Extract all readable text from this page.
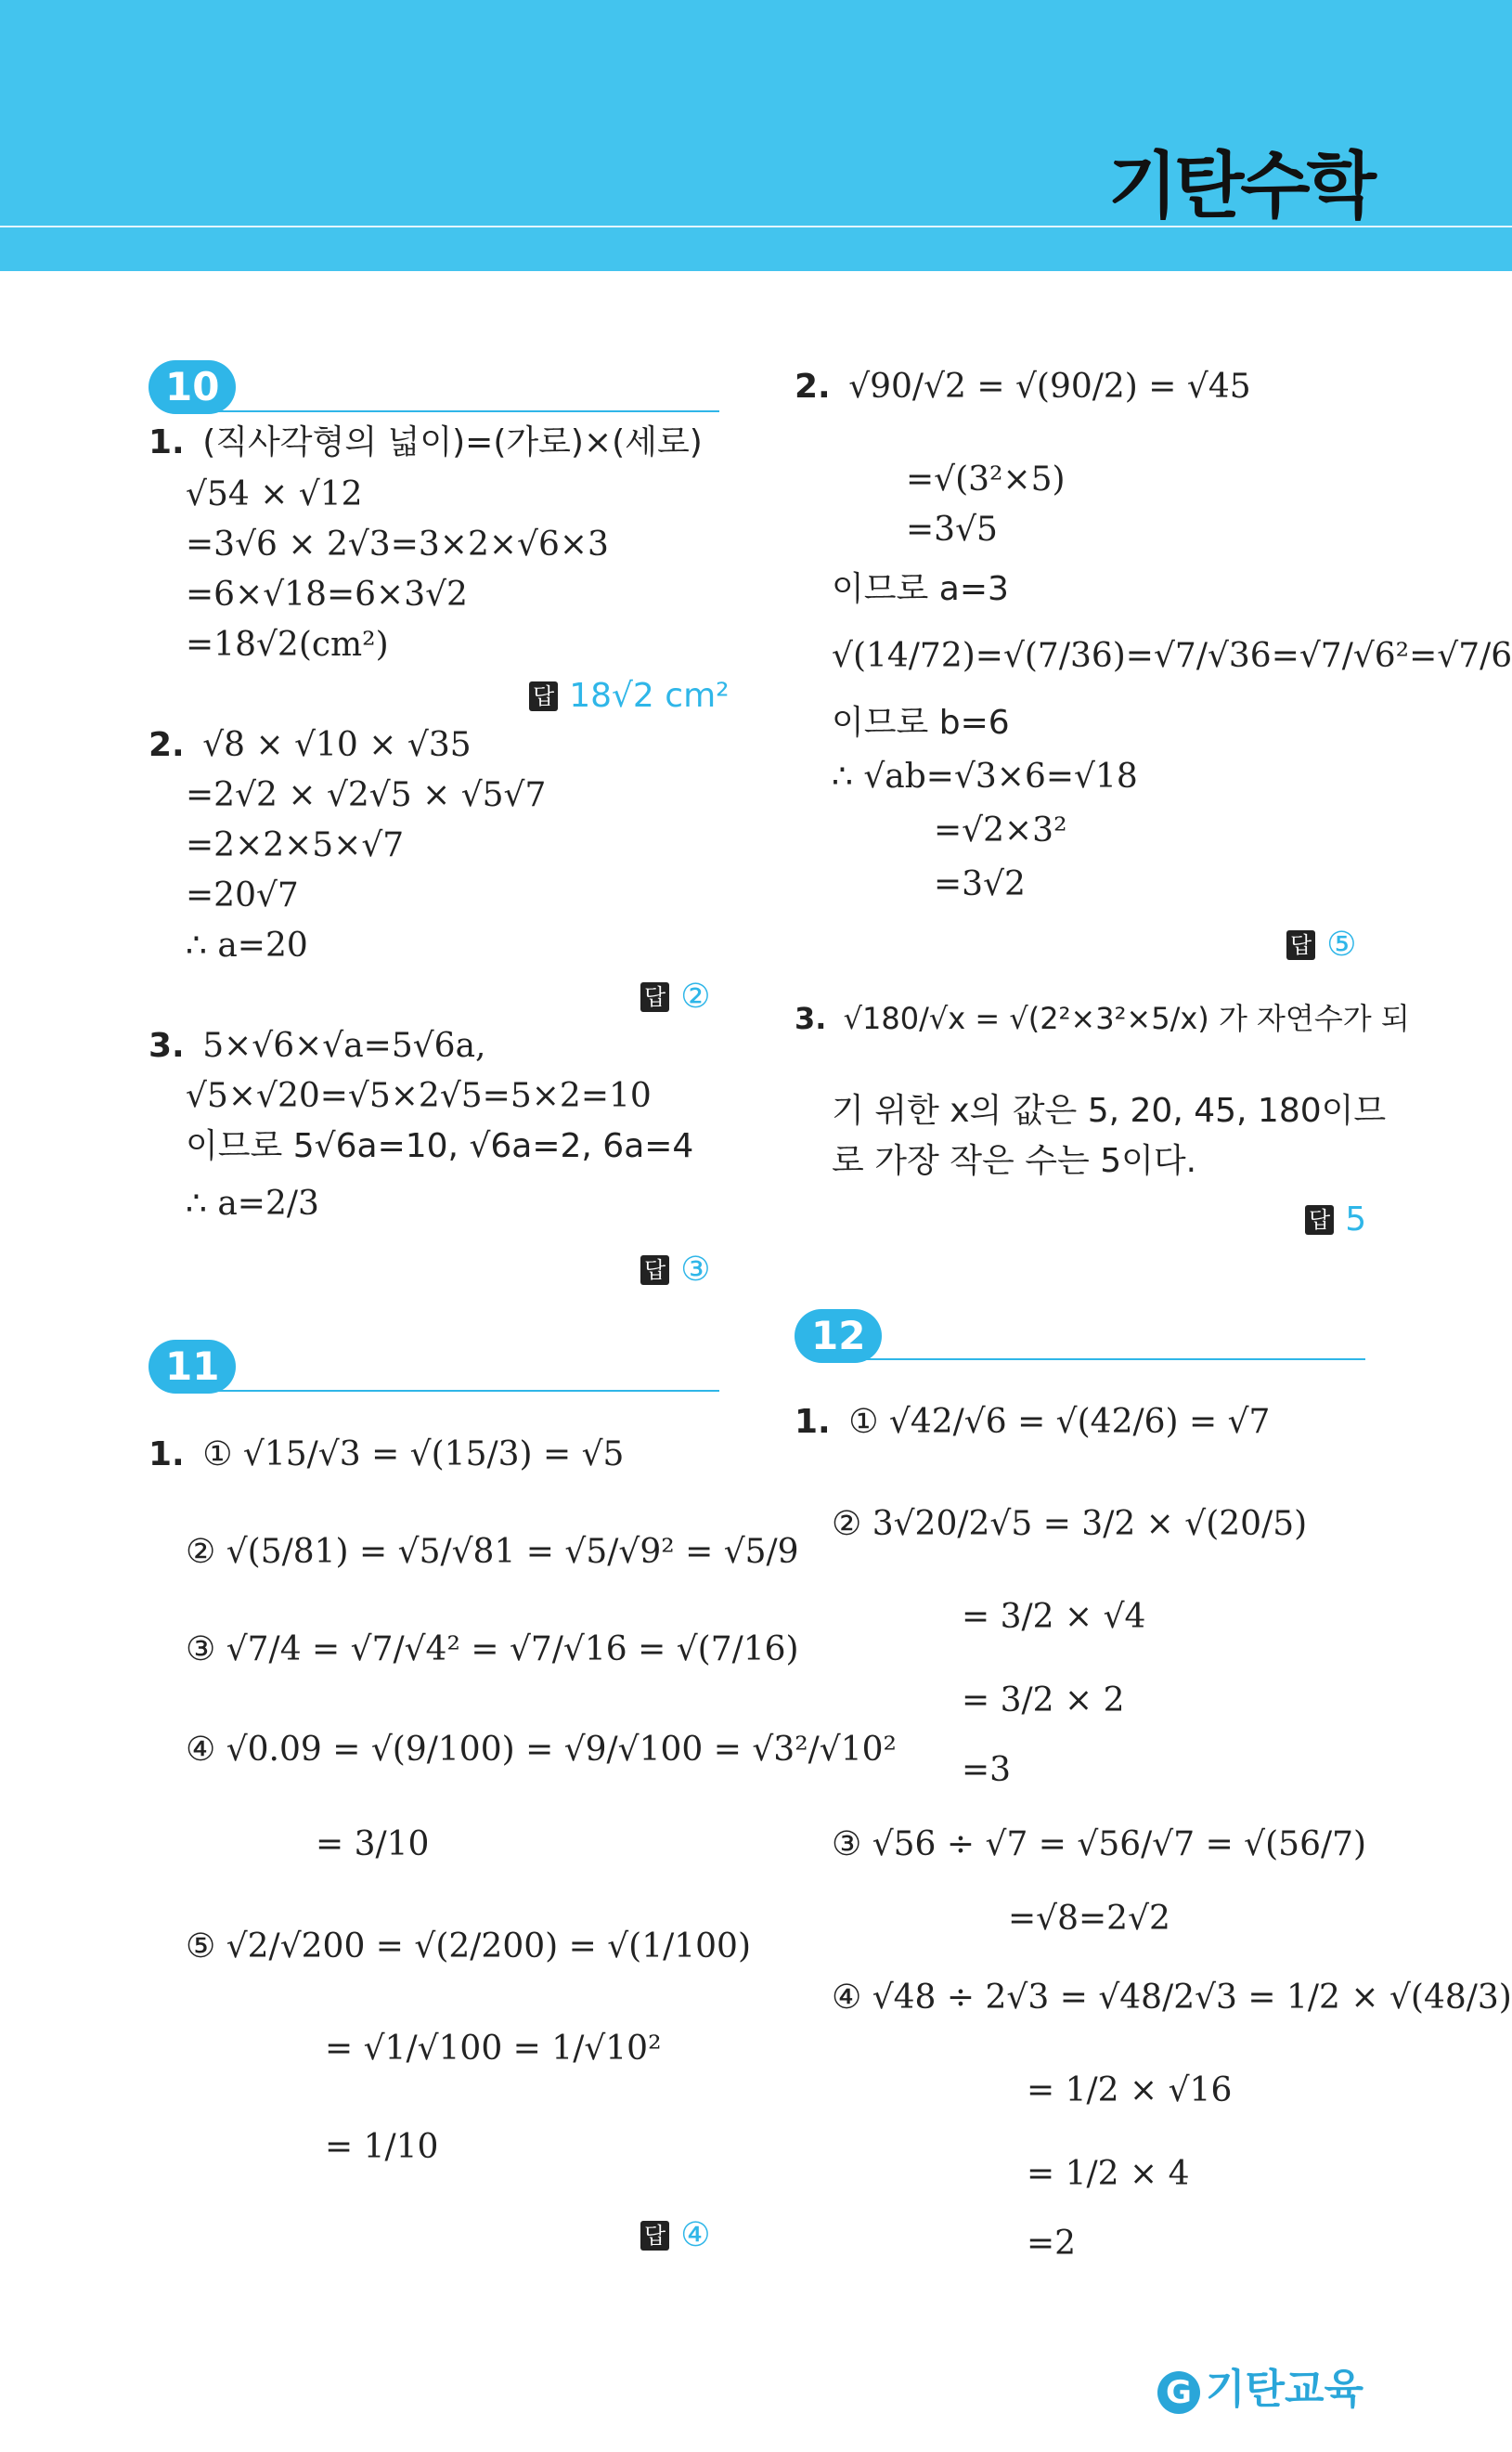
기탄수학
10
1. (직사각형의 넓이)=(가로)×(세로)
√54 × √12
=3√6 × 2√3=3×2×√6×3
=6×√18=6×3√2
=18√2(cm²)
답 18√2 cm²
2. √8 × √10 × √35
=2√2 × √2√5 × √5√7
=2×2×5×√7
=20√7
∴ a=20
답 ②
3. 5×√6×√a=5√6a,
√5×√20=√5×2√5=5×2=10
이므로 5√6a=10, √6a=2, 6a=4
∴ a=2/3
답 ③
2. √90/√2 = √(90/2) = √45
=√(3²×5)
=3√5
이므로 a=3
√(14/72)=√(7/36)=√7/√36=√7/√6²=√7/6
이므로 b=6
∴ √ab=√3×6=√18
=√2×3²
=3√2
답 ⑤
3. √180/√x = √(2²×3²×5/x) 가 자연수가 되
기 위한 x의 값은 5, 20, 45, 180이므
로 가장 작은 수는 5이다.
답 5
11
1. ① √15/√3 = √(15/3) = √5
② √(5/81) = √5/√81 = √5/√9² = √5/9
③ √7/4 = √7/√4² = √7/√16 = √(7/16)
④ √0.09 = √(9/100) = √9/√100 = √3²/√10²
= 3/10
⑤ √2/√200 = √(2/200) = √(1/100)
= √1/√100 = 1/√10²
= 1/10
답 ④
12
1. ① √42/√6 = √(42/6) = √7
② 3√20/2√5 = 3/2 × √(20/5)
= 3/2 × √4
= 3/2 × 2
=3
③ √56 ÷ √7 = √56/√7 = √(56/7)
=√8=2√2
④ √48 ÷ 2√3 = √48/2√3 = 1/2 × √(48/3)
= 1/2 × √16
= 1/2 × 4
=2
G 기탄교육
